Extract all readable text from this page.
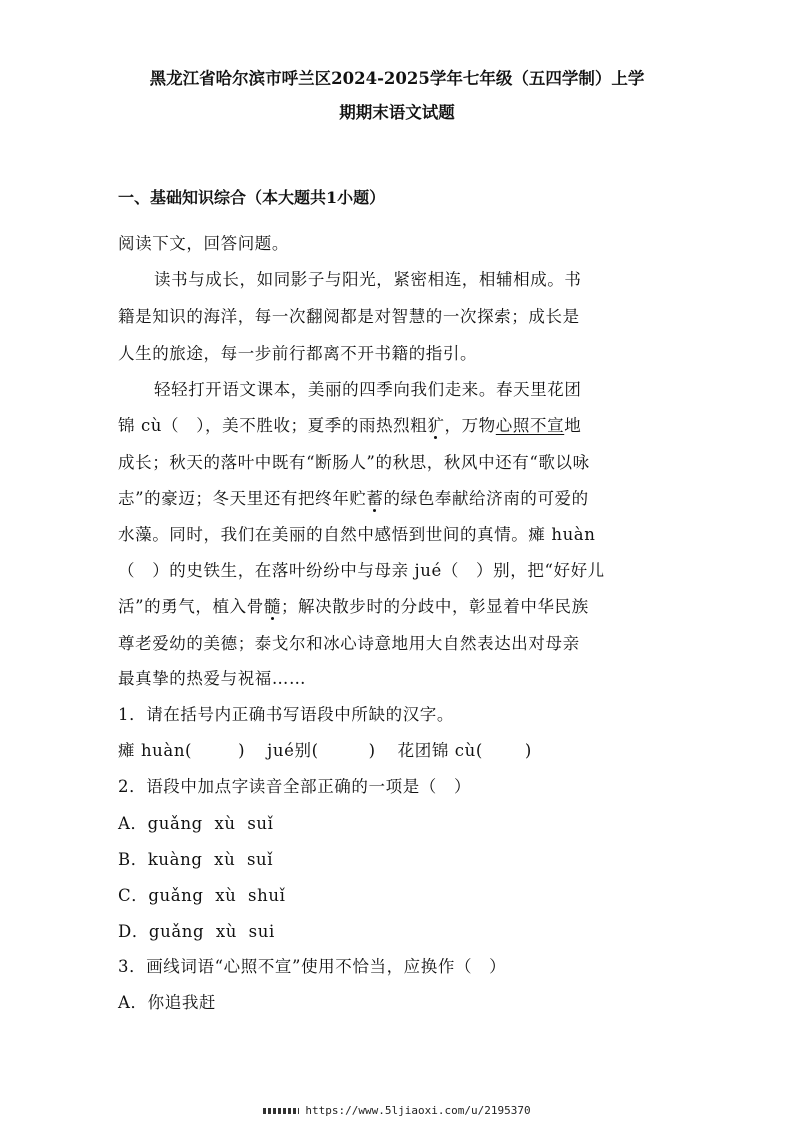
黑龙江省哈尔滨市呼兰区2024-2025学年七年级（五四学制）上学
期期末语文试题
一、基础知识综合（本大题共1小题）
阅读下文，回答问题。
读书与成长，如同影子与阳光，紧密相连，相辅相成。书
籍是知识的海洋，每一次翻阅都是对智慧的一次探索；成长是
人生的旅途，每一步前行都离不开书籍的指引。
轻轻打开语文课本，美丽的四季向我们走来。春天里花团
锦 cù（　），美不胜收；夏季的雨热烈粗犷，万物心照不宣地
成长；秋天的落叶中既有“断肠人”的秋思，秋风中还有“歌以咏
志”的豪迈；冬天里还有把终年贮蓄的绿色奉献给济南的可爱的
水藻。同时，我们在美丽的自然中感悟到世间的真情。瘫 huàn
（　）的史铁生，在落叶纷纷中与母亲 jué（　）别，把“好好儿
活”的勇气，植入骨髓；解决散步时的分歧中，彰显着中华民族
尊老爱幼的美德；泰戈尔和冰心诗意地用大自然表达出对母亲
最真挚的热爱与祝福……
1．请在括号内正确书写语段中所缺的汉字。
瘫 huàn(	) jué别(	) 花团锦 cù(	)
2．语段中加点字读音全部正确的一项是（　）
A．guǎng  xù  suǐ
B．kuàng  xù  suǐ
C．guǎng  xù  shuǐ
D．guǎng  xù  sui
3．画线词语“心照不宣”使用不恰当，应换作（　）
A．你追我赶
https://www.5ljiaoxi.com/u/2195370
